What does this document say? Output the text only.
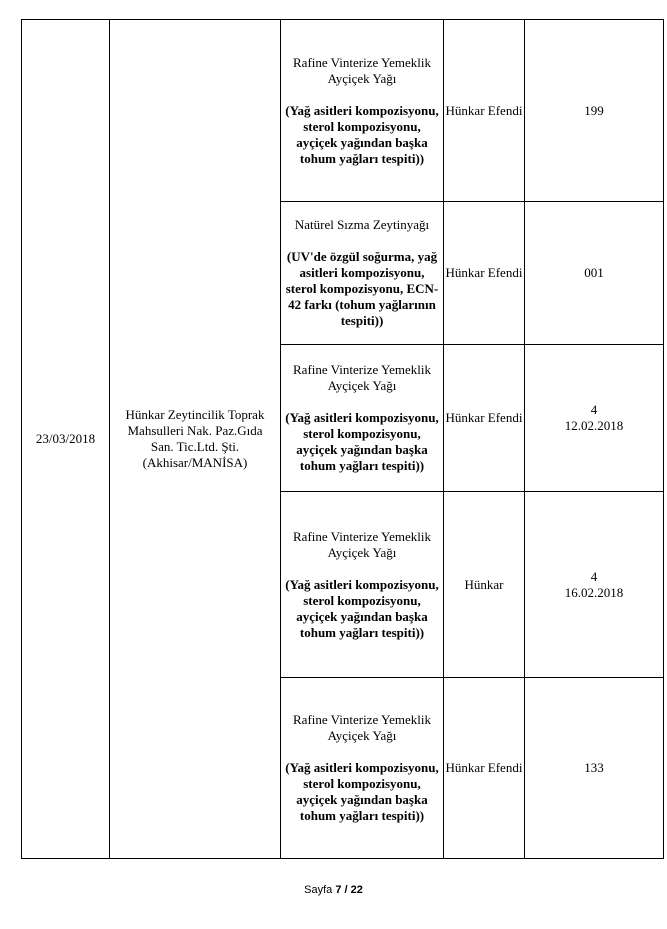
23/03/2018	Hünkar Zeytincilik Toprak Mahsulleri Nak. Paz.Gıda San. Tic.Ltd. Şti. (Akhisar/MANİSA)	Rafine Vinterize Yemeklik Ayçiçek Yağı
(Yağ asitleri kompozisyonu, sterol kompozisyonu, ayçiçek yağından başka tohum yağları tespiti))	Hünkar Efendi	199

		Natürel Sızma Zeytinyağı
(UV'de özgül soğurma, yağ asitleri kompozisyonu, sterol kompozisyonu, ECN-42 farkı (tohum yağlarının tespiti))	Hünkar Efendi	001

		Rafine Vinterize Yemeklik Ayçiçek Yağı
(Yağ asitleri kompozisyonu, sterol kompozisyonu, ayçiçek yağından başka tohum yağları tespiti))	Hünkar Efendi	4
12.02.2018

		Rafine Vinterize Yemeklik Ayçiçek Yağı
(Yağ asitleri kompozisyonu, sterol kompozisyonu, ayçiçek yağından başka tohum yağları tespiti))	Hünkar	4
16.02.2018

		Rafine Vinterize Yemeklik Ayçiçek Yağı
(Yağ asitleri kompozisyonu, sterol kompozisyonu, ayçiçek yağından başka tohum yağları tespiti))	Hünkar Efendi	133
Sayfa 7 / 22
